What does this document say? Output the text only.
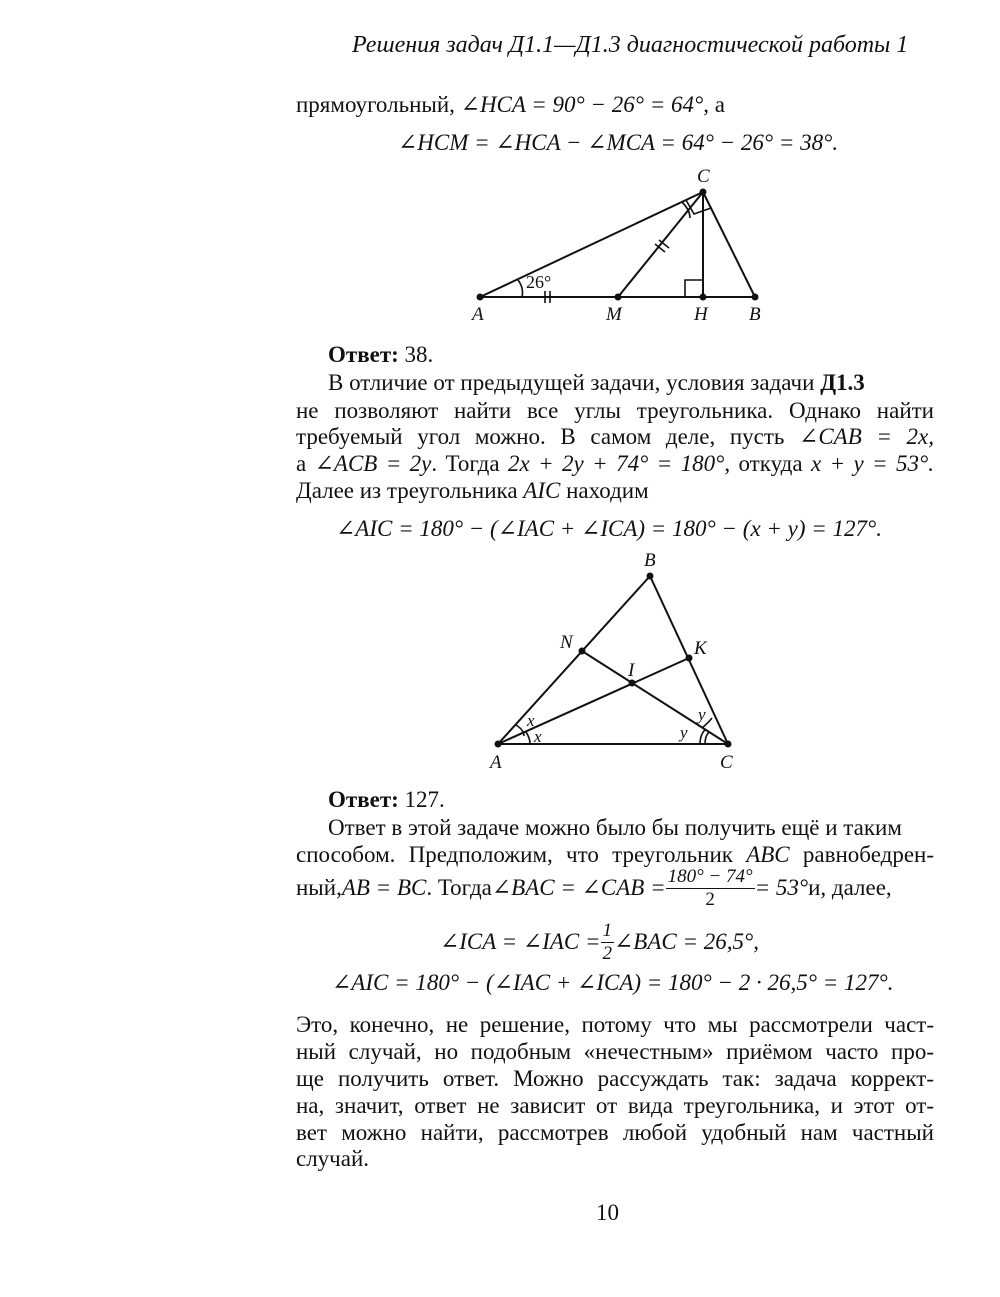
Решения задач Д1.1—Д1.3 диагностической работы 1
прямоугольный, ∠HCA = 90° − 26° = 64°, а
∠HCM = ∠HCA − ∠MCA = 64° − 26° = 38°.
26°
A	M	H B
C
Ответ: 38.
В отличие от предыдущей задачи, условия задачи Д1.3
не позволяют найти все углы треугольника. Однако найти
требуемый угол можно. В самом деле, пусть ∠CAB = 2x,
а ∠ACB = 2y. Тогда 2x + 2y + 74° = 180°, откуда x + y = 53°.
Далее из треугольника AIC находим
∠AIC = 180° − (∠IAC + ∠ICA) = 180° − (x + y) = 127°.
B
N	K
I
A	C
x
x
y
y
Ответ: 127.
Ответ в этой задаче можно было бы получить ещё и таким
способом. Предположим, что треугольник ABC равнобедрен-
ный, AB = BC . Тогда ∠BAC = ∠CAB = $\frac{180^\circ - 74^\circ}{2} = 53^\circ$ и, далее,
∠ICA = ∠IAC = $\frac{1}{2}$ ∠BAC = 26,5°,
∠AIC = 180° − (∠IAC + ∠ICA) = 180° − 2 · 26,5° = 127°.
Это, конечно, не решение, потому что мы рассмотрели част-
ный случай, но подобным «нечестным» приёмом часто про-
ще получить ответ. Можно рассуждать так: задача коррект-
на, значит, ответ не зависит от вида треугольника, и этот от-
вет можно найти, рассмотрев любой удобный нам частный
случай.
10
